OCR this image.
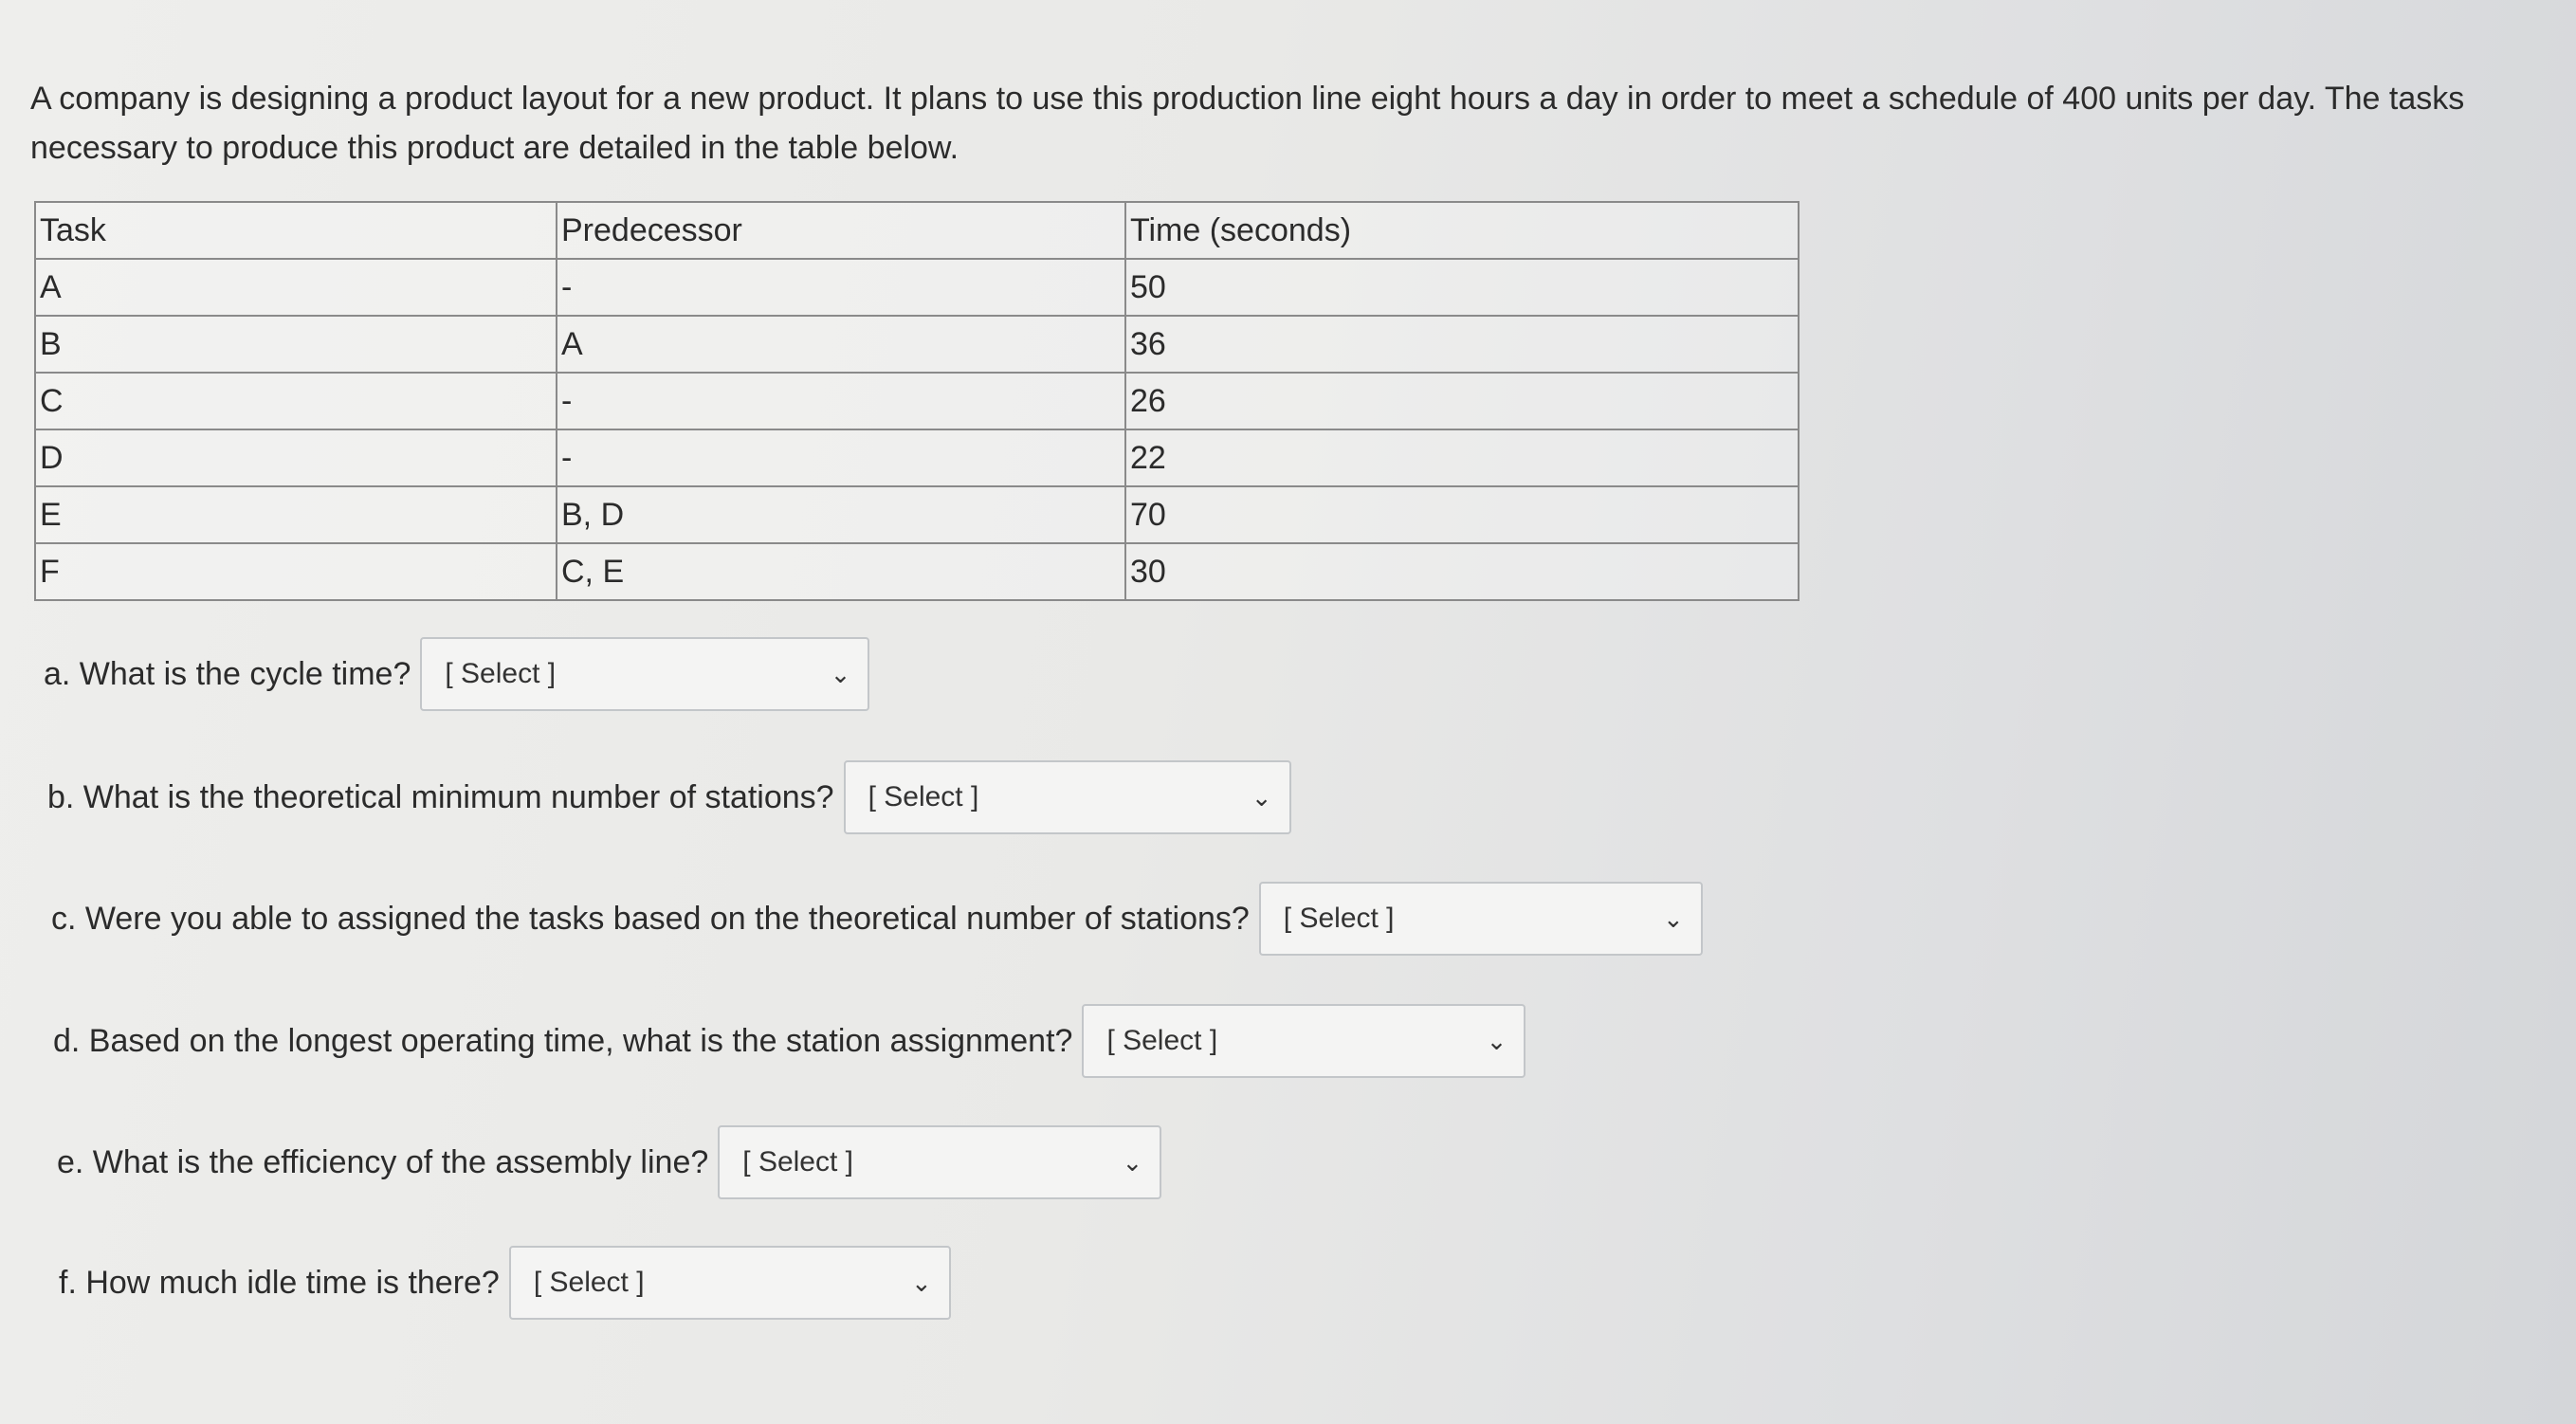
A company is designing a product layout for a new product. It plans to use this production line eight hours a day in order to meet a schedule of 400 units per day. The tasks necessary to produce this product are detailed in the table below.
Task	Predecessor	Time (seconds)
A	-	50
B	A	36
C	-	26
D	-	22
E	B, D	70
F	C, E	30
a. What is the cycle time? [ Select ]	⌄
b. What is the theoretical minimum number of stations? [ Select ]	⌄
c. Were you able to assigned the tasks based on the theoretical number of stations? [ Select ]	⌄
d. Based on the longest operating time, what is the station assignment? [ Select ]	⌄
e. What is the efficiency of the assembly line? [ Select ]	⌄
f. How much idle time is there? [ Select ]	⌄
